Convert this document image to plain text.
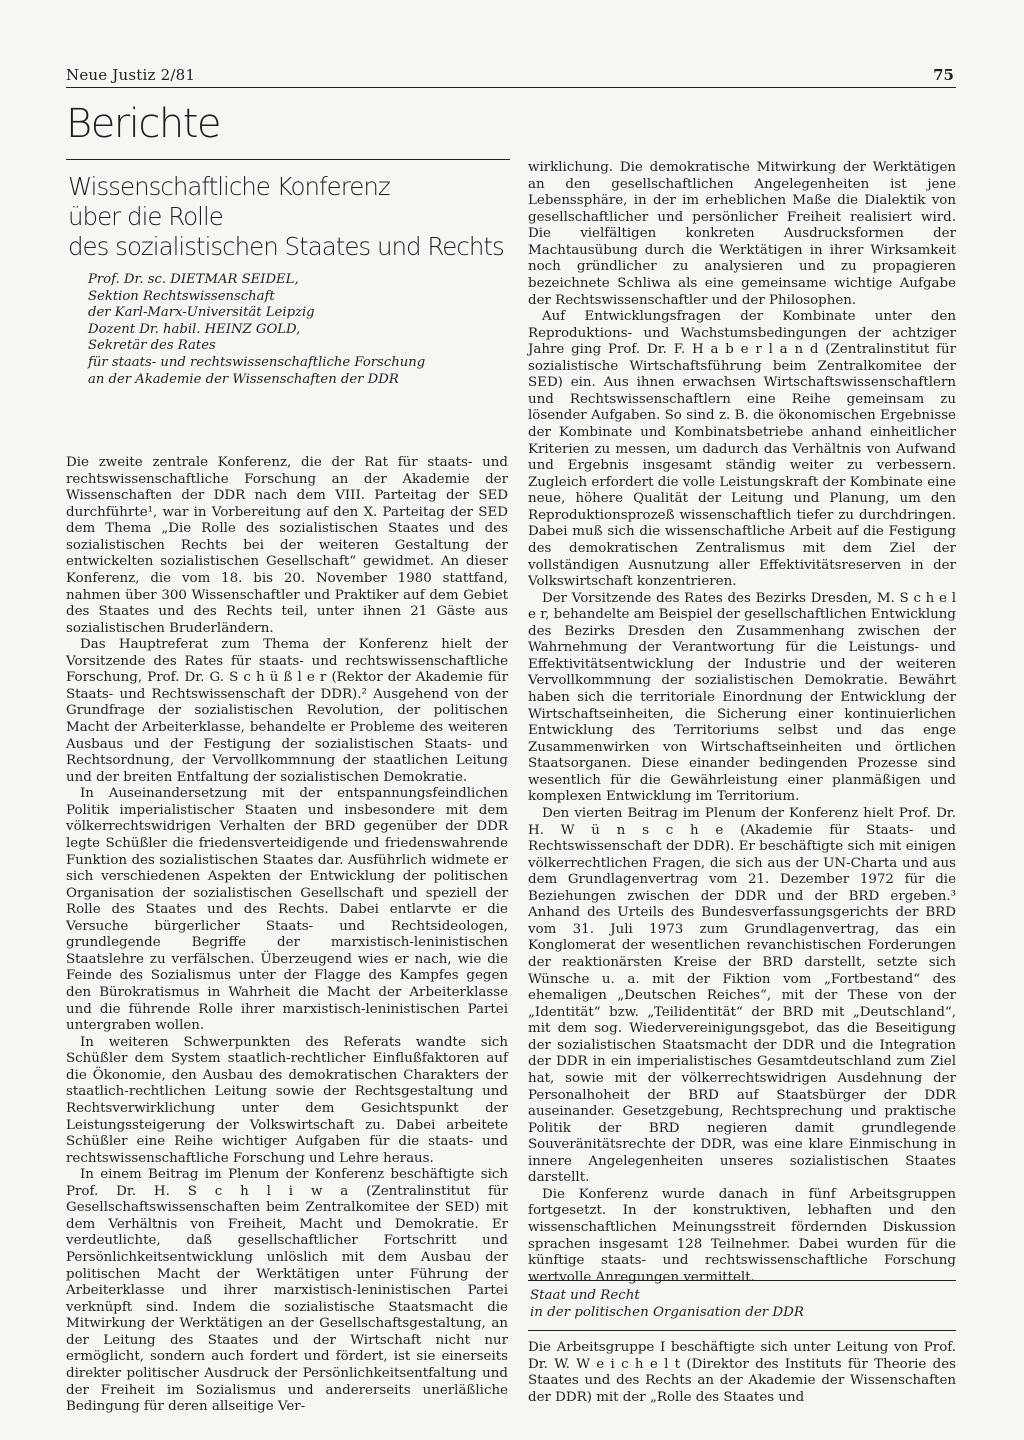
Neue Justiz 2/81	75
Berichte
Wissenschaftliche Konferenz
über die Rolle
des sozialistischen Staates und Rechts
Prof. Dr. sc. DIETMAR SEIDEL,
Sektion Rechtswissenschaft
der Karl-Marx-Universität Leipzig
Dozent Dr. habil. HEINZ GOLD,
Sekretär des Rates
für staats- und rechtswissenschaftliche Forschung
an der Akademie der Wissenschaften der DDR

Die zweite zentrale Konferenz, die der Rat für staats- und rechtswissenschaftliche Forschung an der Akademie der Wissenschaften der DDR nach dem VIII. Parteitag der SED durchführte¹, war in Vorbereitung auf den X. Parteitag der SED dem Thema „Die Rolle des sozialistischen Staates und des sozialistischen Rechts bei der weiteren Gestaltung der entwickelten sozialistischen Gesellschaft“ gewidmet. An dieser Konferenz, die vom 18. bis 20. November 1980 stattfand, nahmen über 300 Wissenschaftler und Praktiker auf dem Gebiet des Staates und des Rechts teil, unter ihnen 21 Gäste aus sozialistischen Bruderländern.

Das Hauptreferat zum Thema der Konferenz hielt der Vorsitzende des Rates für staats- und rechtswissenschaftliche Forschung, Prof. Dr. G. S c h ü ß l e r (Rektor der Akademie für Staats- und Rechtswissenschaft der DDR).² Ausgehend von der Grundfrage der sozialistischen Revolution, der politischen Macht der Arbeiterklasse, behandelte er Probleme des weiteren Ausbaus und der Festigung der sozialistischen Staats- und Rechtsordnung, der Vervollkommnung der staatlichen Leitung und der breiten Entfaltung der sozialistischen Demokratie.

In Auseinandersetzung mit der entspannungsfeindlichen Politik imperialistischer Staaten und insbesondere mit dem völkerrechtswidrigen Verhalten der BRD gegenüber der DDR legte Schüßler die friedensverteidigende und friedenswahrende Funktion des sozialistischen Staates dar. Ausführlich widmete er sich verschiedenen Aspekten der Entwicklung der politischen Organisation der sozialistischen Gesellschaft und speziell der Rolle des Staates und des Rechts. Dabei entlarvte er die Versuche bürgerlicher Staats- und Rechtsideologen, grundlegende Begriffe der marxistisch-leninistischen Staatslehre zu verfälschen. Überzeugend wies er nach, wie die Feinde des Sozialismus unter der Flagge des Kampfes gegen den Bürokratismus in Wahrheit die Macht der Arbeiterklasse und die führende Rolle ihrer marxistisch-leninistischen Partei untergraben wollen.

In weiteren Schwerpunkten des Referats wandte sich Schüßler dem System staatlich-rechtlicher Einflußfaktoren auf die Ökonomie, den Ausbau des demokratischen Charakters der staatlich-rechtlichen Leitung sowie der Rechtsgestaltung und Rechtsverwirklichung unter dem Gesichtspunkt der Leistungssteigerung der Volkswirtschaft zu. Dabei arbeitete Schüßler eine Reihe wichtiger Aufgaben für die staats- und rechtswissenschaftliche Forschung und Lehre heraus.

In einem Beitrag im Plenum der Konferenz beschäftigte sich Prof. Dr. H. S c h l i w a (Zentralinstitut für Gesellschaftswissenschaften beim Zentralkomitee der SED) mit dem Verhältnis von Freiheit, Macht und Demokratie. Er verdeutlichte, daß gesellschaftlicher Fortschritt und Persönlichkeitsentwicklung unlöslich mit dem Ausbau der politischen Macht der Werktätigen unter Führung der Arbeiterklasse und ihrer marxistisch-leninistischen Partei verknüpft sind. Indem die sozialistische Staatsmacht die Mitwirkung der Werktätigen an der Gesellschaftsgestaltung, an der Leitung des Staates und der Wirtschaft nicht nur ermöglicht, sondern auch fordert und fördert, ist sie einerseits direkter politischer Ausdruck der Persönlichkeitsentfaltung und der Freiheit im Sozialismus und andererseits unerläßliche Bedingung für deren allseitige Ver-

wirklichung. Die demokratische Mitwirkung der Werktätigen an den gesellschaftlichen Angelegenheiten ist jene Lebenssphäre, in der im erheblichen Maße die Dialektik von gesellschaftlicher und persönlicher Freiheit realisiert wird. Die vielfältigen konkreten Ausdrucksformen der Machtausübung durch die Werktätigen in ihrer Wirksamkeit noch gründlicher zu analysieren und zu propagieren bezeichnete Schliwa als eine gemeinsame wichtige Aufgabe der Rechtswissenschaftler und der Philosophen.

Auf Entwicklungsfragen der Kombinate unter den Reproduktions- und Wachstumsbedingungen der achtziger Jahre ging Prof. Dr. F. H a b e r l a n d (Zentralinstitut für sozialistische Wirtschaftsführung beim Zentralkomitee der SED) ein. Aus ihnen erwachsen Wirtschaftswissenschaftlern und Rechtswissenschaftlern eine Reihe gemeinsam zu lösender Aufgaben. So sind z. B. die ökonomischen Ergebnisse der Kombinate und Kombinatsbetriebe anhand einheitlicher Kriterien zu messen, um dadurch das Verhältnis von Aufwand und Ergebnis insgesamt ständig weiter zu verbessern. Zugleich erfordert die volle Leistungskraft der Kombinate eine neue, höhere Qualität der Leitung und Planung, um den Reproduktionsprozeß wissenschaftlich tiefer zu durchdringen. Dabei muß sich die wissenschaftliche Arbeit auf die Festigung des demokratischen Zentralismus mit dem Ziel der vollständigen Ausnutzung aller Effektivitätsreserven in der Volkswirtschaft konzentrieren.

Der Vorsitzende des Rates des Bezirks Dresden, M. S c h e l e r, behandelte am Beispiel der gesellschaftlichen Entwicklung des Bezirks Dresden den Zusammenhang zwischen der Wahrnehmung der Verantwortung für die Leistungs- und Effektivitätsentwicklung der Industrie und der weiteren Vervollkommnung der sozialistischen Demokratie. Bewährt haben sich die territoriale Einordnung der Entwicklung der Wirtschaftseinheiten, die Sicherung einer kontinuierlichen Entwicklung des Territoriums selbst und das enge Zusammenwirken von Wirtschaftseinheiten und örtlichen Staatsorganen. Diese einander bedingenden Prozesse sind wesentlich für die Gewährleistung einer planmäßigen und komplexen Entwicklung im Territorium.

Den vierten Beitrag im Plenum der Konferenz hielt Prof. Dr. H. W ü n s c h e (Akademie für Staats- und Rechtswissenschaft der DDR). Er beschäftigte sich mit einigen völkerrechtlichen Fragen, die sich aus der UN-Charta und aus dem Grundlagenvertrag vom 21. Dezember 1972 für die Beziehungen zwischen der DDR und der BRD ergeben.³ Anhand des Urteils des Bundesverfassungsgerichts der BRD vom 31. Juli 1973 zum Grundlagenvertrag, das ein Konglomerat der wesentlichen revanchistischen Forderungen der reaktionärsten Kreise der BRD darstellt, setzte sich Wünsche u. a. mit der Fiktion vom „Fortbestand“ des ehemaligen „Deutschen Reiches“, mit der These von der „Identität“ bzw. „Teilidentität“ der BRD mit „Deutschland“, mit dem sog. Wiedervereinigungsgebot, das die Beseitigung der sozialistischen Staatsmacht der DDR und die Integration der DDR in ein imperialistisches Gesamtdeutschland zum Ziel hat, sowie mit der völkerrechtswidrigen Ausdehnung der Personalhoheit der BRD auf Staatsbürger der DDR auseinander. Gesetzgebung, Rechtsprechung und praktische Politik der BRD negieren damit grundlegende Souveränitätsrechte der DDR, was eine klare Einmischung in innere Angelegenheiten unseres sozialistischen Staates darstellt.

Die Konferenz wurde danach in fünf Arbeitsgruppen fortgesetzt. In der konstruktiven, lebhaften und den wissenschaftlichen Meinungsstreit fördernden Diskussion sprachen insgesamt 128 Teilnehmer. Dabei wurden für die künftige staats- und rechtswissenschaftliche Forschung wertvolle Anregungen vermittelt.

Staat und Recht
in der politischen Organisation der DDR

Die Arbeitsgruppe I beschäftigte sich unter Leitung von Prof. Dr. W. W e i c h e l t (Direktor des Instituts für Theorie des Staates und des Rechts an der Akademie der Wissenschaften der DDR) mit der „Rolle des Staates und
